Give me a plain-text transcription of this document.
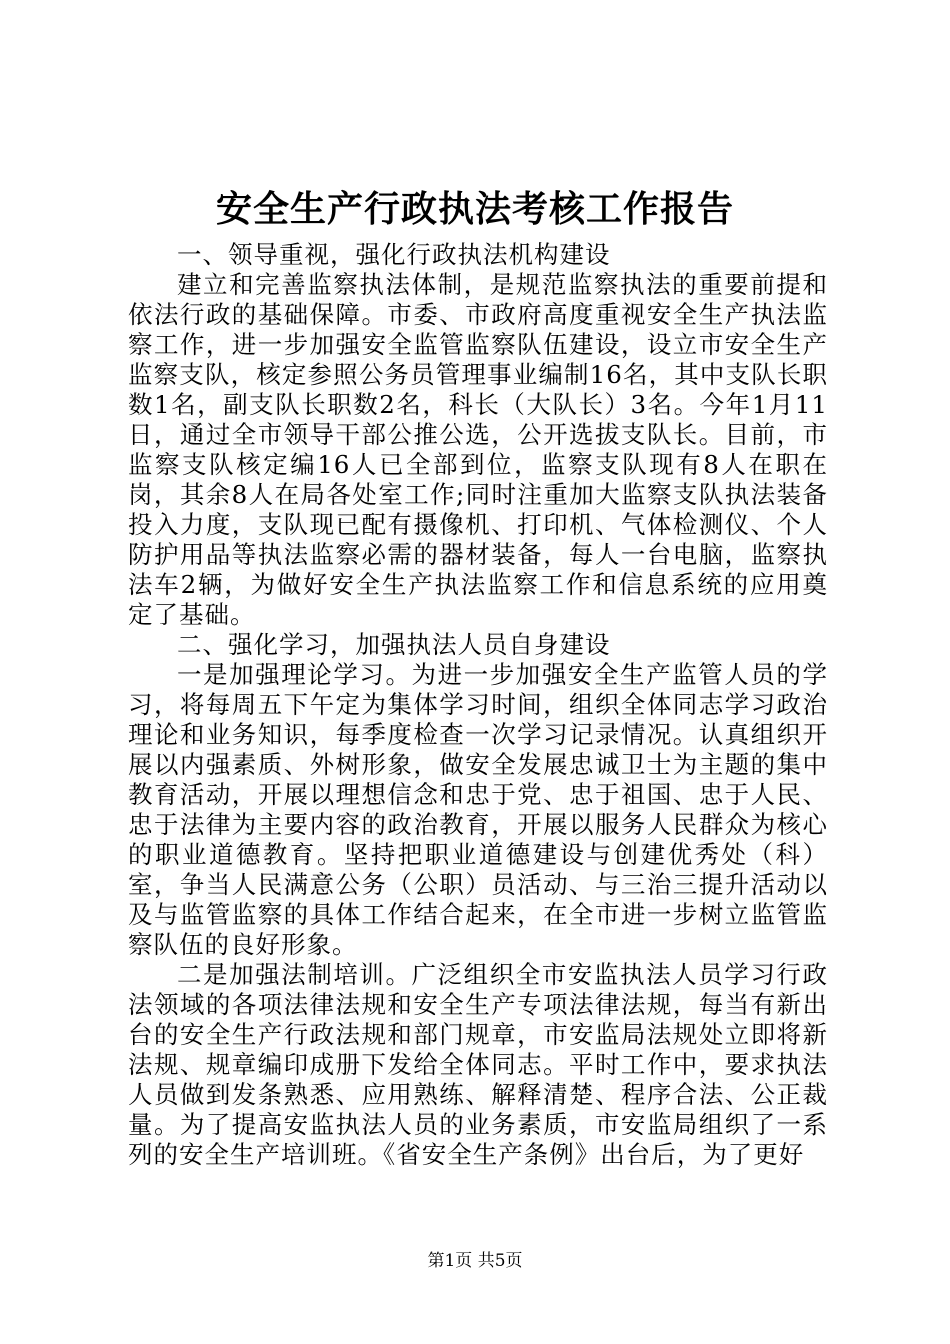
安全生产行政执法考核工作报告

一、领导重视，强化行政执法机构建设

建立和完善监察执法体制，是规范监察执法的重要前提和依法行政的基础保障。市委、市政府高度重视安全生产执法监察工作，进一步加强安全监管监察队伍建设，设立市安全生产监察支队，核定参照公务员管理事业编制16名，其中支队长职数1名，副支队长职数2名，科长（大队长）3名。今年1月11日，通过全市领导干部公推公选，公开选拔支队长。目前，市监察支队核定编16人已全部到位，监察支队现有8人在职在岗，其余8人在局各处室工作;同时注重加大监察支队执法装备投入力度，支队现已配有摄像机、打印机、气体检测仪、个人防护用品等执法监察必需的器材装备，每人一台电脑，监察执法车2辆，为做好安全生产执法监察工作和信息系统的应用奠定了基础。

二、强化学习，加强执法人员自身建设

一是加强理论学习。为进一步加强安全生产监管人员的学习，将每周五下午定为集体学习时间，组织全体同志学习政治理论和业务知识，每季度检查一次学习记录情况。认真组织开展以内强素质、外树形象，做安全发展忠诚卫士为主题的集中教育活动，开展以理想信念和忠于党、忠于祖国、忠于人民、忠于法律为主要内容的政治教育，开展以服务人民群众为核心的职业道德教育。坚持把职业道德建设与创建优秀处（科）室，争当人民满意公务（公职）员活动、与三治三提升活动以及与监管监察的具体工作结合起来，在全市进一步树立监管监察队伍的良好形象。

二是加强法制培训。广泛组织全市安监执法人员学习行政法领域的各项法律法规和安全生产专项法律法规，每当有新出台的安全生产行政法规和部门规章，市安监局法规处立即将新法规、规章编印成册下发给全体同志。平时工作中，要求执法人员做到发条熟悉、应用熟练、解释清楚、程序合法、公正裁量。为了提高安监执法人员的业务素质，市安监局组织了一系列的安全生产培训班。《省安全生产条例》出台后，为了更好

第1页 共5页
